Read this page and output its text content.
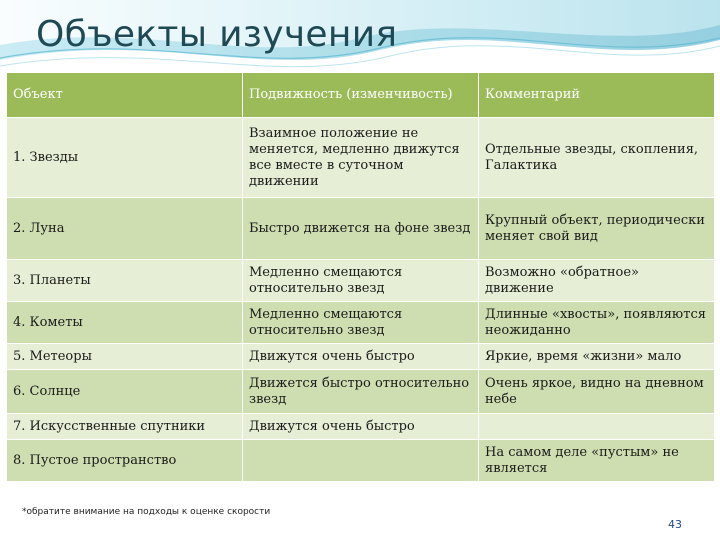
Объекты изучения
Объект	Подвижность (изменчивость)	Комментарий
1. Звезды	Взаимное положение не меняется, медленно движутся все вместе в суточном движении	Отдельные звезды, скопления, Галактика
2. Луна	Быстро движется на фоне звезд	Крупный объект, периодически меняет свой вид
3. Планеты	Медленно смещаются относительно звезд	Возможно «обратное» движение
4. Кометы	Медленно смещаются относительно звезд	Длинные «хвосты», появляются неожиданно
5. Метеоры	Движутся очень быстро	Яркие, время «жизни» мало
6. Солнце	Движется быстро относительно звезд	Очень яркое, видно на дневном небе
7. Искусственные спутники	Движутся очень быстро	
8. Пустое пространство		На самом деле «пустым» не является
*обратите внимание на подходы к оценке скорости
43
